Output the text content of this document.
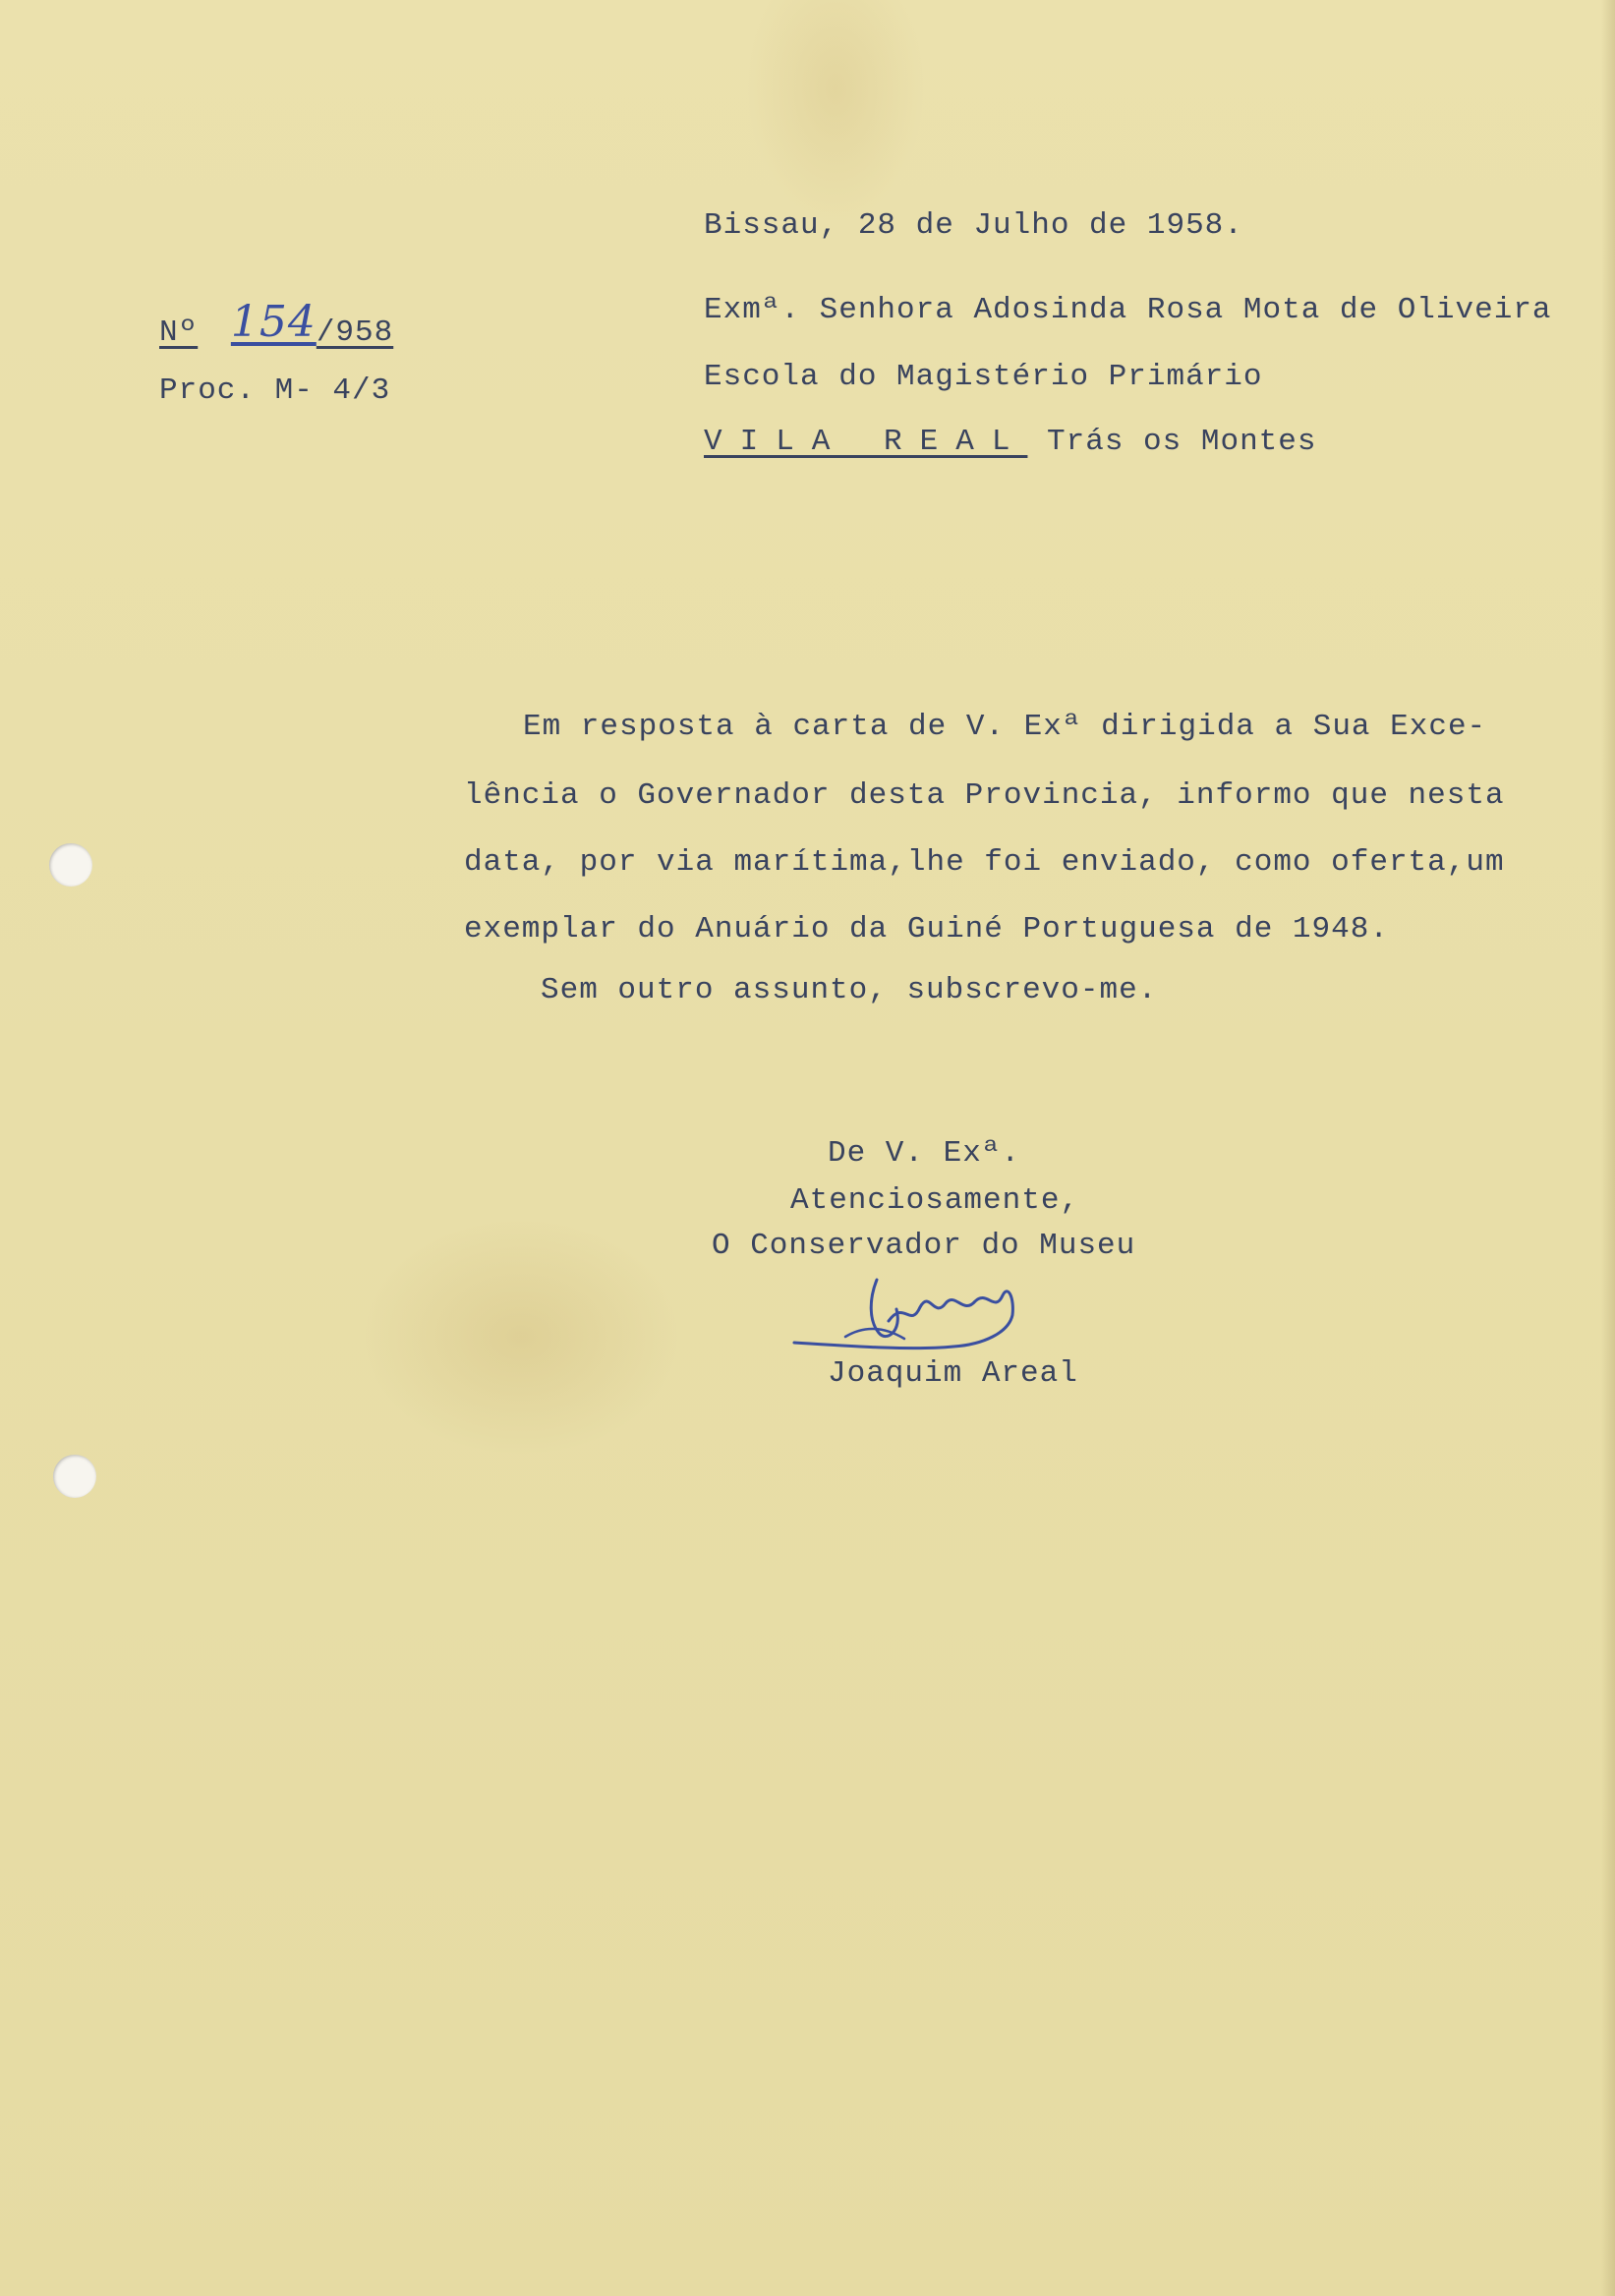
Nº 154/958
Proc. M- 4/3
Bissau, 28 de Julho de 1958.
Exmª. Senhora Adosinda Rosa Mota de Oliveira
Escola do Magistério Primário
VILA REAL Trás os Montes
Em resposta à carta de V. Exª dirigida a Sua Exce-
lência o Governador desta Provincia, informo que nesta
data, por via marítima,lhe foi enviado, como oferta,um
exemplar do Anuário da Guiné Portuguesa de 1948.
Sem outro assunto, subscrevo-me.
De V. Exª.
Atenciosamente,
O Conservador do Museu
Joaquim Areal
